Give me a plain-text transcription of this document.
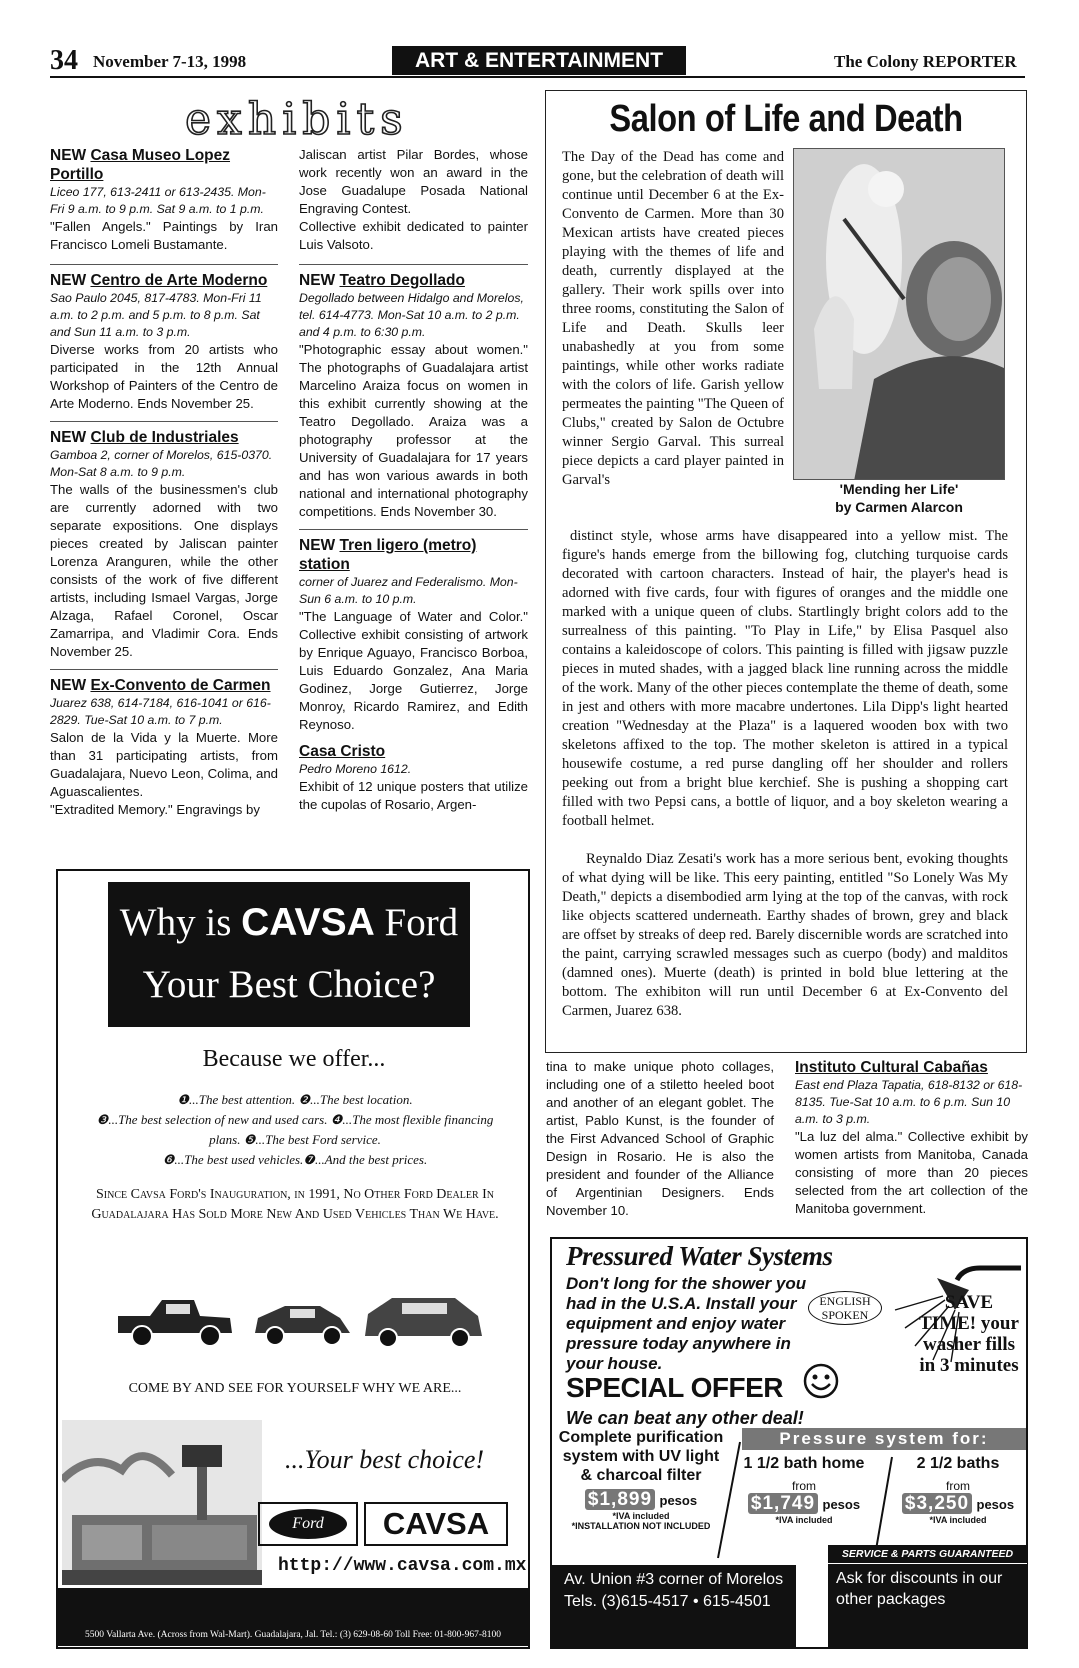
34 November 7-13, 1998	ART & ENTERTAINMENT	The Colony REPORTER
exhibits

NEW Casa Museo Lopez Portillo

Liceo 177, 613-2411 or 613-2435. Mon-Fri 9 a.m. to 9 p.m. Sat 9 a.m. to 1 p.m.

"Fallen Angels." Paintings by Iran Francisco Lomeli Bustamante.

NEW Centro de Arte Moderno

Sao Paulo 2045, 817-4783. Mon-Fri 11 a.m. to 2 p.m. and 5 p.m. to 8 p.m. Sat and Sun 11 a.m. to 3 p.m.

Diverse works from 20 artists who participated in the 12th Annual Workshop of Painters of the Centro de Arte Moderno. Ends November 25.

NEW Club de Industriales

Gamboa 2, corner of Morelos, 615-0370. Mon-Sat 8 a.m. to 9 p.m.

The walls of the businessmen's club are currently adorned with two separate expositions. One displays pieces created by Jaliscan painter Lorenza Aranguren, while the other consists of the work of five different artists, including Ismael Vargas, Jorge Alzaga, Rafael Coronel, Oscar Zamarripa, and Vladimir Cora. Ends November 25.

NEW Ex-Convento de Carmen

Juarez 638, 614-7184, 616-1041 or 616-2829. Tue-Sat 10 a.m. to 7 p.m.

Salon de la Vida y la Muerte. More than 31 participating artists, from Guadalajara, Nuevo Leon, Colima, and Aguascalientes.

"Extradited Memory." Engravings by

Jaliscan artist Pilar Bordes, whose work recently won an award in the Jose Guadalupe Posada National Engraving Contest.

Collective exhibit dedicated to painter Luis Valsoto.

NEW Teatro Degollado

Degollado between Hidalgo and Morelos, tel. 614-4773. Mon-Sat 10 a.m. to 2 p.m. and 4 p.m. to 6:30 p.m.

"Photographic essay about women." The photographs of Guadalajara artist Marcelino Araiza focus on women in this exhibit currently showing at the Teatro Degollado. Araiza was a photography professor at the University of Guadalajara for 17 years and has won various awards in both national and international photography competitions. Ends November 30.

NEW Tren ligero (metro) station

corner of Juarez and Federalismo. Mon-Sun 6 a.m. to 10 p.m.

"The Language of Water and Color." Collective exhibit consisting of artwork by Enrique Aguayo, Francisco Borboa, Luis Eduardo Gonzalez, Ana Maria Godinez, Jorge Gutierrez, Jorge Monroy, Ricardo Ramirez, and Edith Reynoso.

Casa Cristo

Pedro Moreno 1612.

Exhibit of 12 unique posters that utilize the cupolas of Rosario, Argen-

Salon of Life and Death
The Day of the Dead has come and gone, but the celebration of death will continue until December 6 at the Ex-Convento de Carmen. More than 30 Mexican artists have created pieces playing with the themes of life and death, currently displayed at the gallery. Their work spills over into three rooms, constituting the Salon of Life and Death. Skulls leer unabashedly at you from some paintings, while other works radiate with the colors of life. Garish yellow permeates the painting "The Queen of Clubs," created by Salon de Octubre winner Sergio Garval. This surreal piece depicts a card player painted in Garval's
'Mending her Life'
by Carmen Alarcon
distinct style, whose arms have disappeared into a yellow mist. The figure's hands emerge from the billowing fog, clutching turquoise cards decorated with cartoon characters. Instead of hair, the player's head is adorned with five cards, four with figures of oranges and the middle one marked with a unique queen of clubs. Startlingly bright colors add to the surrealness of this painting. "To Play in Life," by Elisa Pasquel also contains a kaleidoscope of colors. This painting is filled with jigsaw puzzle pieces in muted shades, with a jagged black line running across the middle of the work. Many of the other pieces contemplate the theme of death, some in jest and others with more macabre undertones. Lila Dipp's light hearted creation "Wednesday at the Plaza" is a laquered wooden box with two skeletons affixed to the top. The mother skeleton is attired in a typical housewife costume, a red purse dangling off her shoulder and rollers peeking out from a bright blue kerchief. She is pushing a shopping cart filled with two Pepsi cans, a bottle of liquor, and a boy skeleton wearing a football helmet.
Reynaldo Diaz Zesati's work has a more serious bent, evoking thoughts of what dying will be like. This eery painting, entitled "So Lonely Was My Death," depicts a disembodied arm lying at the top of the canvas, with rock like objects scattered underneath. Earthy shades of brown, grey and black are offset by streaks of deep red. Barely discernible words are scratched into the paint, carrying scrawled messages such as cuerpo (body) and malditos (damned ones). Muerte (death) is printed in bold blue lettering at the bottom. The exhibiton will run until December 6 at Ex-Convento del Carmen, Juarez 638.
tina to make unique photo collages, including one of a stiletto heeled boot and another of an elegant goblet. The artist, Pablo Kunst, is the founder of the First Advanced School of Graphic Design in Rosario. He is also the president and founder of the Alliance of Argentinian Designers. Ends November 10.

Instituto Cultural Cabañas

East end Plaza Tapatia, 618-8132 or 618-8135. Tue-Sat 10 a.m. to 6 p.m. Sun 10 a.m. to 3 p.m.

"La luz del alma." Collective exhibit by women artists from Manitoba, Canada consisting of more than 20 pieces selected from the art collection of the Manitoba government.

Why is CAVSA Ford
Your Best Choice?
Because we offer...
❶...The best attention. ❷...The best location.
❸...The best selection of new and used cars. ❹...The most flexible financing plans. ❺...The best Ford service.
❻...The best used vehicles.❼...And the best prices.
Since Cavsa Ford's Inauguration, in 1991, No Other Ford Dealer In Guadalajara Has Sold More New And Used Vehicles Than We Have.
COME BY AND SEE FOR YOURSELF WHY WE ARE...
...Your best choice!
Ford	CAVSA
http://www.cavsa.com.mx
5500 Vallarta Ave. (Across from Wal-Mart). Guadalajara, Jal. Tel.: (3) 629-08-60 Toll Free: 01-800-967-8100
Pressured Water Systems
Don't long for the shower you had in the U.S.A. Install your equipment and enjoy water pressure today anywhere in your house.
ENGLISH SPOKEN
SAVE TIME! your washer fills in 3 minutes
SPECIAL OFFER
We can beat any other deal!
Complete purification system with UV light & charcoal filter
$1,899 pesos
*IVA included
*INSTALLATION NOT INCLUDED
Pressure system for:
1 1/2 bath home
from
$1,749 pesos
*IVA included
2 1/2 baths
from
$3,250 pesos
*IVA included
Av. Union #3 corner of Morelos
Tels. (3)615-4517 • 615-4501
SERVICE & PARTS GUARANTEED
Ask for discounts in our other packages
